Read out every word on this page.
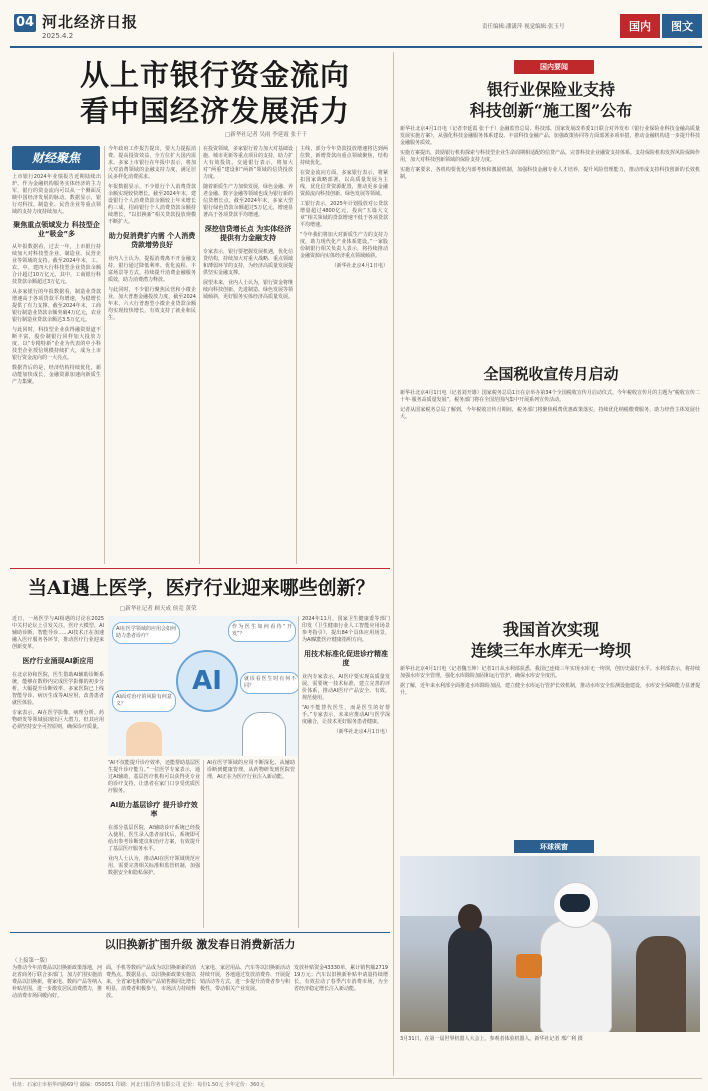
04 河北经济日报
2025.4.2
责任编辑:潘潇萍 视觉编辑:张玉号	国内	图文
从上市银行资金流向
看中国经济发展活力
□新华社记者 吴雨 李延霞 张千千
财经聚焦
上市银行2024年业绩报告近期陆续出炉。作为金融机构服务实体经济的主力军，银行的资金流向可以从一个侧面反映中国经济发展的脉动。数据显示，银行对科技、制造业、民营企业等重点领域的支持力度持续加大。
聚焦重点领域发力 科技型企业“吸金”多
从年报数据看，过去一年，上市银行持续加大对科技型企业、制造业、民营企业等领域的支持。截至2024年末，工、农、中、建四大行科技型企业贷款余额合计超过10万亿元，其中，工商银行科技贷款余额超过3万亿元。
从多家银行的年报数据看，制造业贷款增速高于各项贷款平均增速，为稳增长提供了有力支撑。截至2024年末，工商银行制造业贷款余额突破4万亿元，农业银行制造业贷款余额达3.5万亿元。
与此同时，科技型企业获得融资渠道不断丰富，股份制银行同样加大投放力度，以“专精特新”企业为代表的中小科技型企业授信规模持续扩大，成为上市银行资金流向的一大亮点。
数据背后的是，经济结构持续优化，新动能加快成长，金融资源加速向新质生产力集聚。
今年政府工作报告提出，要大力提振消费、提高投资效益，全方位扩大国内需求。多家上市银行在年报中表示，将加大对消费领域的金融支持力度，满足居民多样化消费需求。
年报数据显示，不少银行个人消费贷款余额实现较快增长。截至2024年末，建设银行个人消费贷款余额较上年末增长约三成，招商银行个人消费贷款余额持续增长，“以旧换新”相关贷款投放规模不断扩大。
助力促消费扩内需 个人消费贷款增势良好
业内人士认为，提振消费离不开金融支持。银行通过降低利率、优化流程、丰富场景等方式，持续提升消费金融服务质效，助力消费潜力释放。
与此同时，不少银行聚焦民营和小微企业，加大普惠金融投放力度，截至2024年末，六大行普惠型小微企业贷款余额均实现较快增长，有效支持了就业和民生。
在投资领域，多家银行着力加大对基础设施、城市更新等重点项目的支持，助力扩大有效投资。交通银行表示，将加大对“两重”建设和“两新”领域的信贷投放力度。
随着新质生产力加快发展，绿色金融、养老金融、数字金融等领域也成为银行新的信贷增长点。截至2024年末，多家大型银行绿色贷款余额超过5万亿元，增速显著高于各项贷款平均增速。
深挖信贷增长点 为实体经济提供有力金融支持
专家表示，银行要把握发展机遇，优化信贷结构，持续加大对重大战略、重点领域和薄弱环节的支持，为经济高质量发展提供坚实金融支撑。
展望未来，业内人士认为，银行资金将继续向科技创新、先进制造、绿色发展等领域倾斜，更好服务实体经济高质量发展。
主线，部分今年贷款投放增速将达到两位数，新增贷款向重点领域聚焦，结构持续优化。
在资金流向方面，多家银行表示，将紧扣国家战略部署，以高质量发展为主线，优化信贷资源配置，推动更多金融资源流向科技创新、绿色发展等领域。
工银行表示，2025年计划投放对公贷款增量超过4800亿元，投向“五篇大文章”相关领域的贷款增速不低于各项贷款平均增速。
“今年我们将加大对新质生产力的支持力度，助力现代化产业体系建设。”一家股份制银行相关负责人表示，将持续推动金融资源向实体经济重点领域倾斜。
（新华社北京4月1日电）
国内要闻
银行业保险业支持
科技创新“施工图”公布
新华社北京4月1日电（记者李延霞 张千千）金融监管总局、科技部、国家发展改革委1日联合对外发布《银行业保险业科技金融高质量发展实施方案》，从强化科技金融服务体系建设、丰富科技金融产品、加强政策协同等方面部署多项举措，推动金融机构进一步提升科技金融服务质效。
实施方案提出，鼓励银行机构探索与科技型企业生命周期相适配的信贷产品，完善科技企业融资支持体系。支持保险机构发挥风险保障作用，加大对科技创新领域的保险支持力度。
实施方案要求，各机构要优化内部考核和激励机制，加强科技金融专业人才培养，提升风险管理能力，推动形成支持科技创新的长效机制。
全国税收宣传月启动
新华社北京4月1日电（记者刘开雄）国家税务总局1日在京举办第34个全国税收宣传月启动仪式。今年税收宣传月的主题为“税收宣传二十年·服务高质量发展”，税务部门将在全国范围内集中开展系列宣传活动。
记者从国家税务总局了解到，今年税收宣传月期间，税务部门将聚焦税费优惠政策落实，持续优化纳税缴费服务，助力经营主体发展壮大。
我国首次实现
连续三年水库无一垮坝
新华社北京4月1日电（记者魏玉坤）记者1日从水利部获悉，我国已连续三年实现水库无一垮坝，创历史最好水平。水利部表示，将持续加强水库安全管理，强化水库除险加固和运行管护，确保水库安全度汛。
据了解，近年来水利部全面推进水库除险加固，建立健全水库运行管护长效机制，推动水库安全监测设施建设，水库安全保障能力显著提升。
环球视窗
3月31日，在第一届世界机器人大会上，参观者体验机器人。新华社记者 邢广利 摄
当AI遇上医学，医疗行业迎来哪些创新？
□新华社记者 顾天成 侯竞 黄荣
近日，一场医学与AI相遇的讨论在2025中关村论坛上引发关注。医疗大模型、AI辅助诊断、智能导诊……AI技术正在加速融入医疗服务各环节，推动医疗行业迎来创新变革。
医疗行业涌现AI新应用
在北京协和医院，医生借助AI辅助诊断系统，能够在数秒内完成医学影像的初步分析，大幅提升诊断效率。多家医院已上线智能导诊、病历生成等AI应用，改善患者就医体验。
专家表示，AI在医学影像、病理分析、药物研发等领域展现出巨大潜力，但其应用必须坚持安全可控原则，确保诊疗质量。
AI
AI在医学领域的应用会如何助力患者诊疗？
作为医生如何看待“开发”？
AI面对治疗的风险有何意义？
就诊看医生时有何不同？
“AI不仅能提升诊疗效率，还能帮助基层医生提升诊疗能力。”一位医学专家表示，通过AI辅助，基层医疗机构可以获得更专业的诊疗支持，让患者在家门口享受优质医疗服务。
AI助力基层诊疗 提升诊疗效率
在部分基层医院，AI辅助诊疗系统已经投入使用，医生录入患者症状后，系统即可给出参考诊断建议和治疗方案，有效提升了基层医疗服务水平。
业内人士认为，推动AI在医疗领域规范应用，需要完善相关标准和监管机制，加强数据安全和隐私保护。
AI在医学领域的应用不断深化。从辅助诊断到健康管理，从药物研发到医院管理，AI正在为医疗行业注入新动能。
2024年11月，国家卫生健康委等部门印发《卫生健康行业人工智能应用场景参考指引》，提出84个具体应用场景，为AI赋能医疗健康指明方向。
用技术标准化促进诊疗精准度
业内专家表示，AI医疗要实现高质量发展，需要统一技术标准，建立完善的评价体系，推动AI医疗产品安全、有效、规范使用。
“AI不能替代医生，而是医生的好帮手。”专家表示，未来应推动AI与医学深度融合，让技术更好服务患者健康。
（新华社北京4月1日电）
以旧换新扩围升级 激发春日消费新活力
（上接第一版）
为推动今年消费品以旧换新政策落地，河北省商务厅联合多部门，加力扩围实施消费品以旧换新，将家电、数码产品等纳入补贴范围，进一步激发居民消费潜力，推动消费市场回暖向好。
面，手机等数码产品成为以旧换新新的消费热点。数据显示，以旧换新政策实施以来，全省家电和数码产品销售额同比增长明显，消费者积极参与，市场活力持续释放。
大家电、家居用品、汽车等以旧换新活动持续开展，各地通过发放消费券、开展促销活动等方式，进一步提升消费者参与积极性，带动相关产业发展。
发放补贴资金43330单，累计销售额271919万元；汽车以旧换新补贴申请量持续增长，有效拉动了春季汽车消费市场，为全省经济稳定增长注入新动能。
社址：石家庄市裕华西路69号 邮编：050051 印刷：河北日报印务有限公司 定价：每份1.50元 全年定价：360元
